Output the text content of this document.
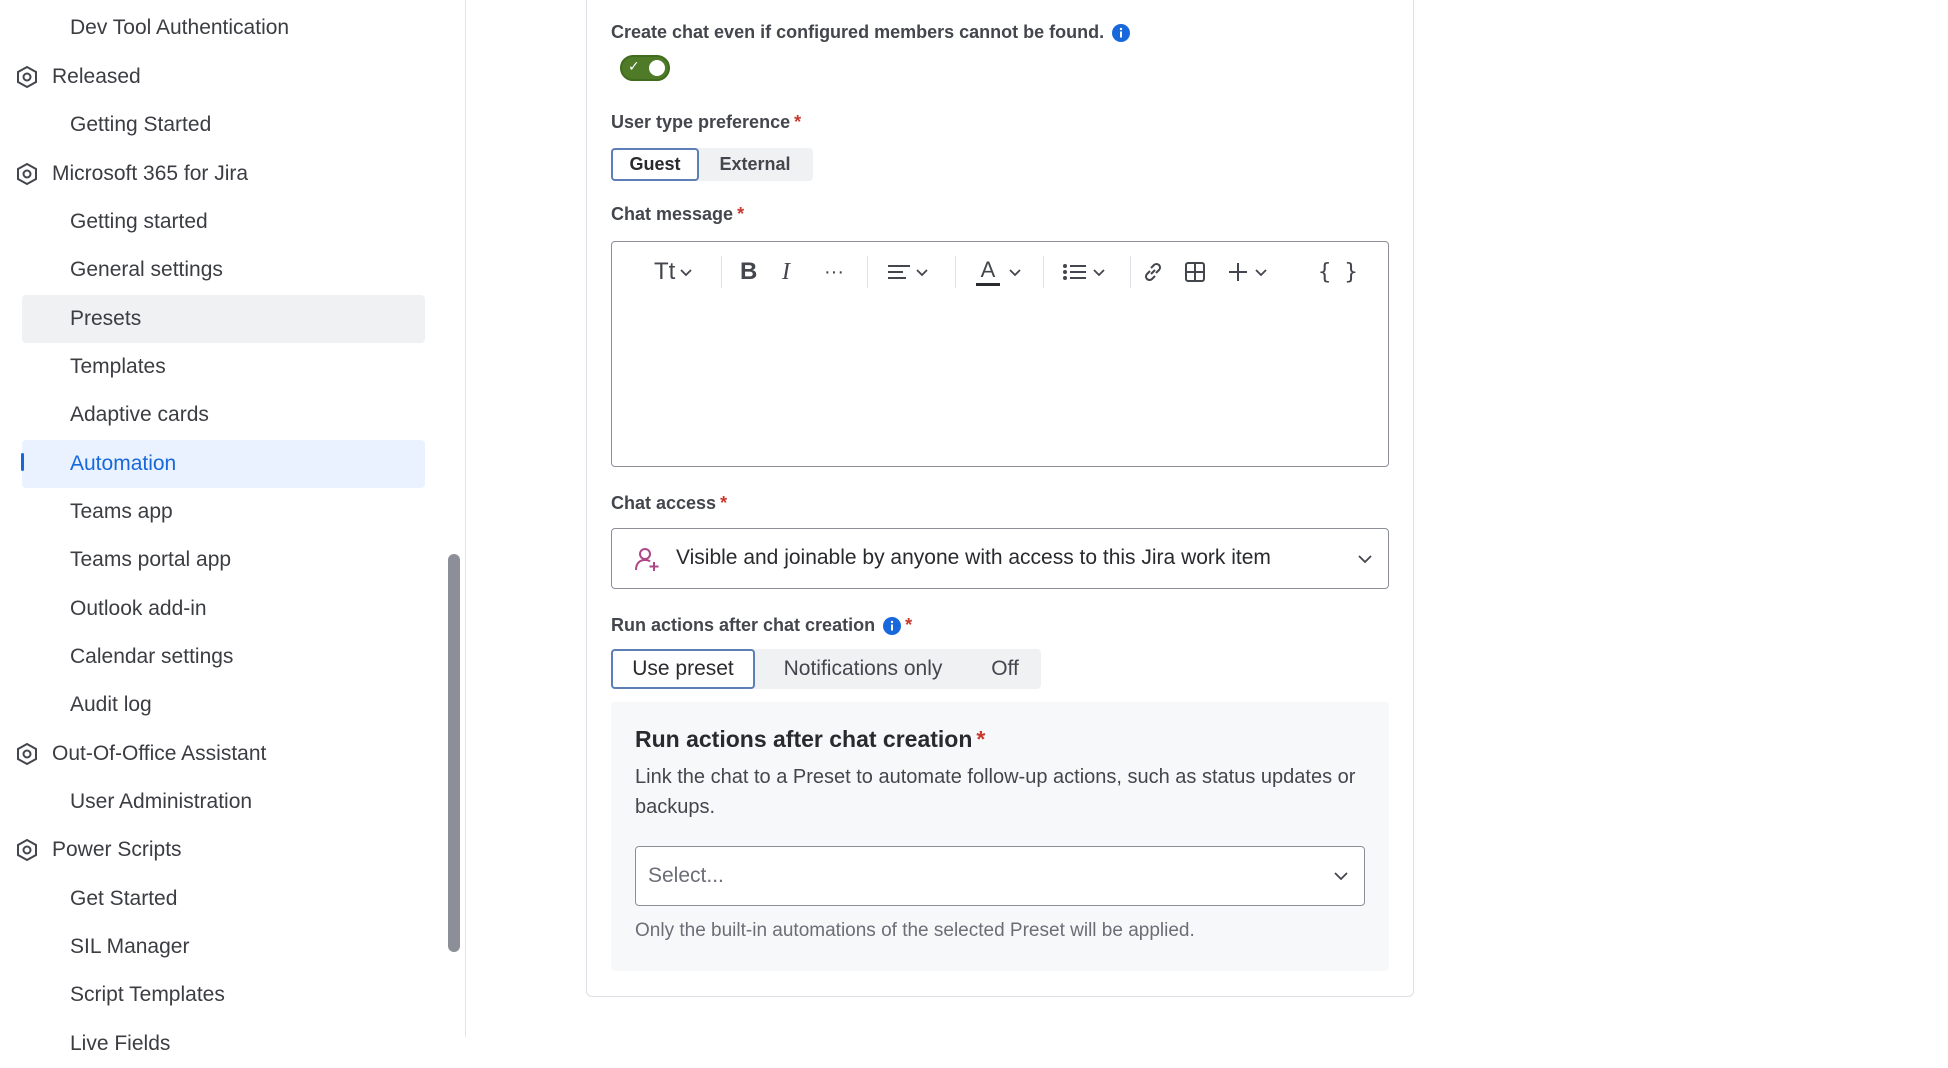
Dev Tool Authentication
Released
Getting Started
Microsoft 365 for Jira
Getting started
General settings
Presets
Templates
Adaptive cards
Automation
Teams app
Teams portal app
Outlook add-in
Calendar settings
Audit log
Out-Of-Office Assistant
User Administration
Power Scripts
Get Started
SIL Manager
Script Templates
Live Fields
Create chat even if configured members cannot be found.
✓
User type preference *
Guest	External
Chat message *
Tt	B I ···	A	{ }
Chat access *
Visible and joinable by anyone with access to this Jira work item
Run actions after chat creation *
Use preset	Notifications only	Off
Run actions after chat creation *
Link the chat to a Preset to automate follow-up actions, such as status updates or backups.
Select...
Only the built-in automations of the selected Preset will be applied.
